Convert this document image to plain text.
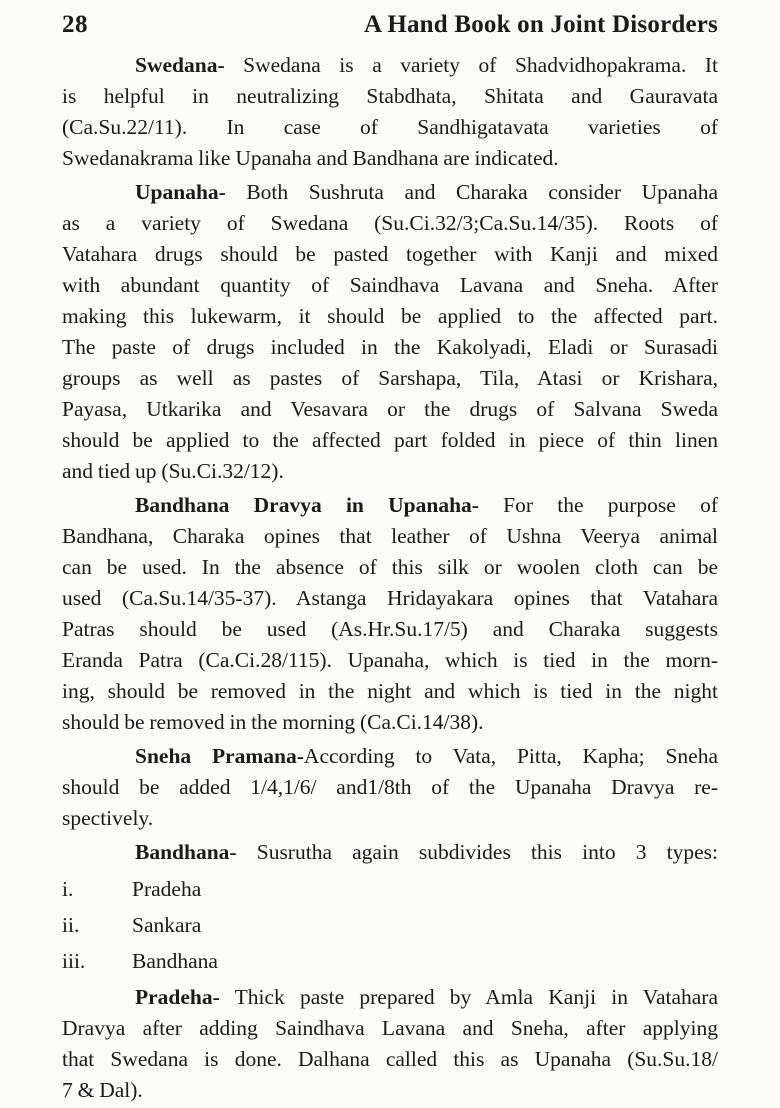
28	A Hand Book on Joint Disorders
Swedana- Swedana is a variety of Shadvidhopakrama. It
is helpful in neutralizing Stabdhata, Shitata and Gauravata
(Ca.Su.22/11). In case of Sandhigatavata varieties of
Swedanakrama like Upanaha and Bandhana are indicated.
Upanaha- Both Sushruta and Charaka consider Upanaha
as a variety of Swedana (Su.Ci.32/3;Ca.Su.14/35). Roots of
Vatahara drugs should be pasted together with Kanji and mixed
with abundant quantity of Saindhava Lavana and Sneha. After
making this lukewarm, it should be applied to the affected part.
The paste of drugs included in the Kakolyadi, Eladi or Surasadi
groups as well as pastes of Sarshapa, Tila, Atasi or Krishara,
Payasa, Utkarika and Vesavara or the drugs of Salvana Sweda
should be applied to the affected part folded in piece of thin linen
and tied up (Su.Ci.32/12).
Bandhana Dravya in Upanaha- For the purpose of
Bandhana, Charaka opines that leather of Ushna Veerya animal
can be used. In the absence of this silk or woolen cloth can be
used (Ca.Su.14/35-37). Astanga Hridayakara opines that Vatahara
Patras should be used (As.Hr.Su.17/5) and Charaka suggests
Eranda Patra (Ca.Ci.28/115). Upanaha, which is tied in the morn-
ing, should be removed in the night and which is tied in the night
should be removed in the morning (Ca.Ci.14/38).
Sneha Pramana-According to Vata, Pitta, Kapha; Sneha
should be added 1/4,1/6/ and1/8th of the Upanaha Dravya re-
spectively.
Bandhana- Susrutha again subdivides this into 3 types:
i.	Pradeha
ii. Sankara
iii. Bandhana
Pradeha- Thick paste prepared by Amla Kanji in Vatahara
Dravya after adding Saindhava Lavana and Sneha, after applying
that Swedana is done. Dalhana called this as Upanaha (Su.Su.18/
7 & Dal).
